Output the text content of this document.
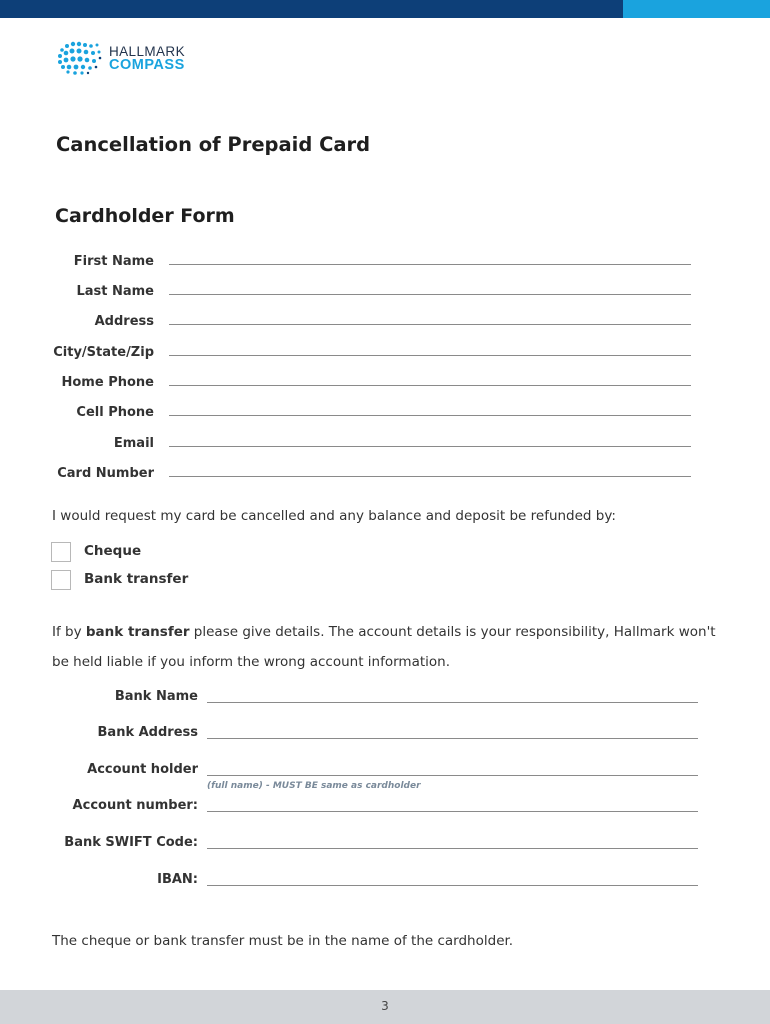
HALLMARK
COMPASS
Cancellation of Prepaid Card
Cardholder Form
First Name
Last Name
Address
City/State/Zip
Home Phone
Cell Phone
Email
Card Number
I would request my card be cancelled and any balance and deposit be refunded by:
Cheque
Bank transfer
If by bank transfer please give details. The account details is your responsibility, Hallmark won't be held liable if you inform the wrong account information.
Bank Name
Bank Address
Account holder
Account number:
Bank SWIFT Code:
IBAN:
(full name) - MUST BE same as cardholder
The cheque or bank transfer must be in the name of the cardholder.
3
